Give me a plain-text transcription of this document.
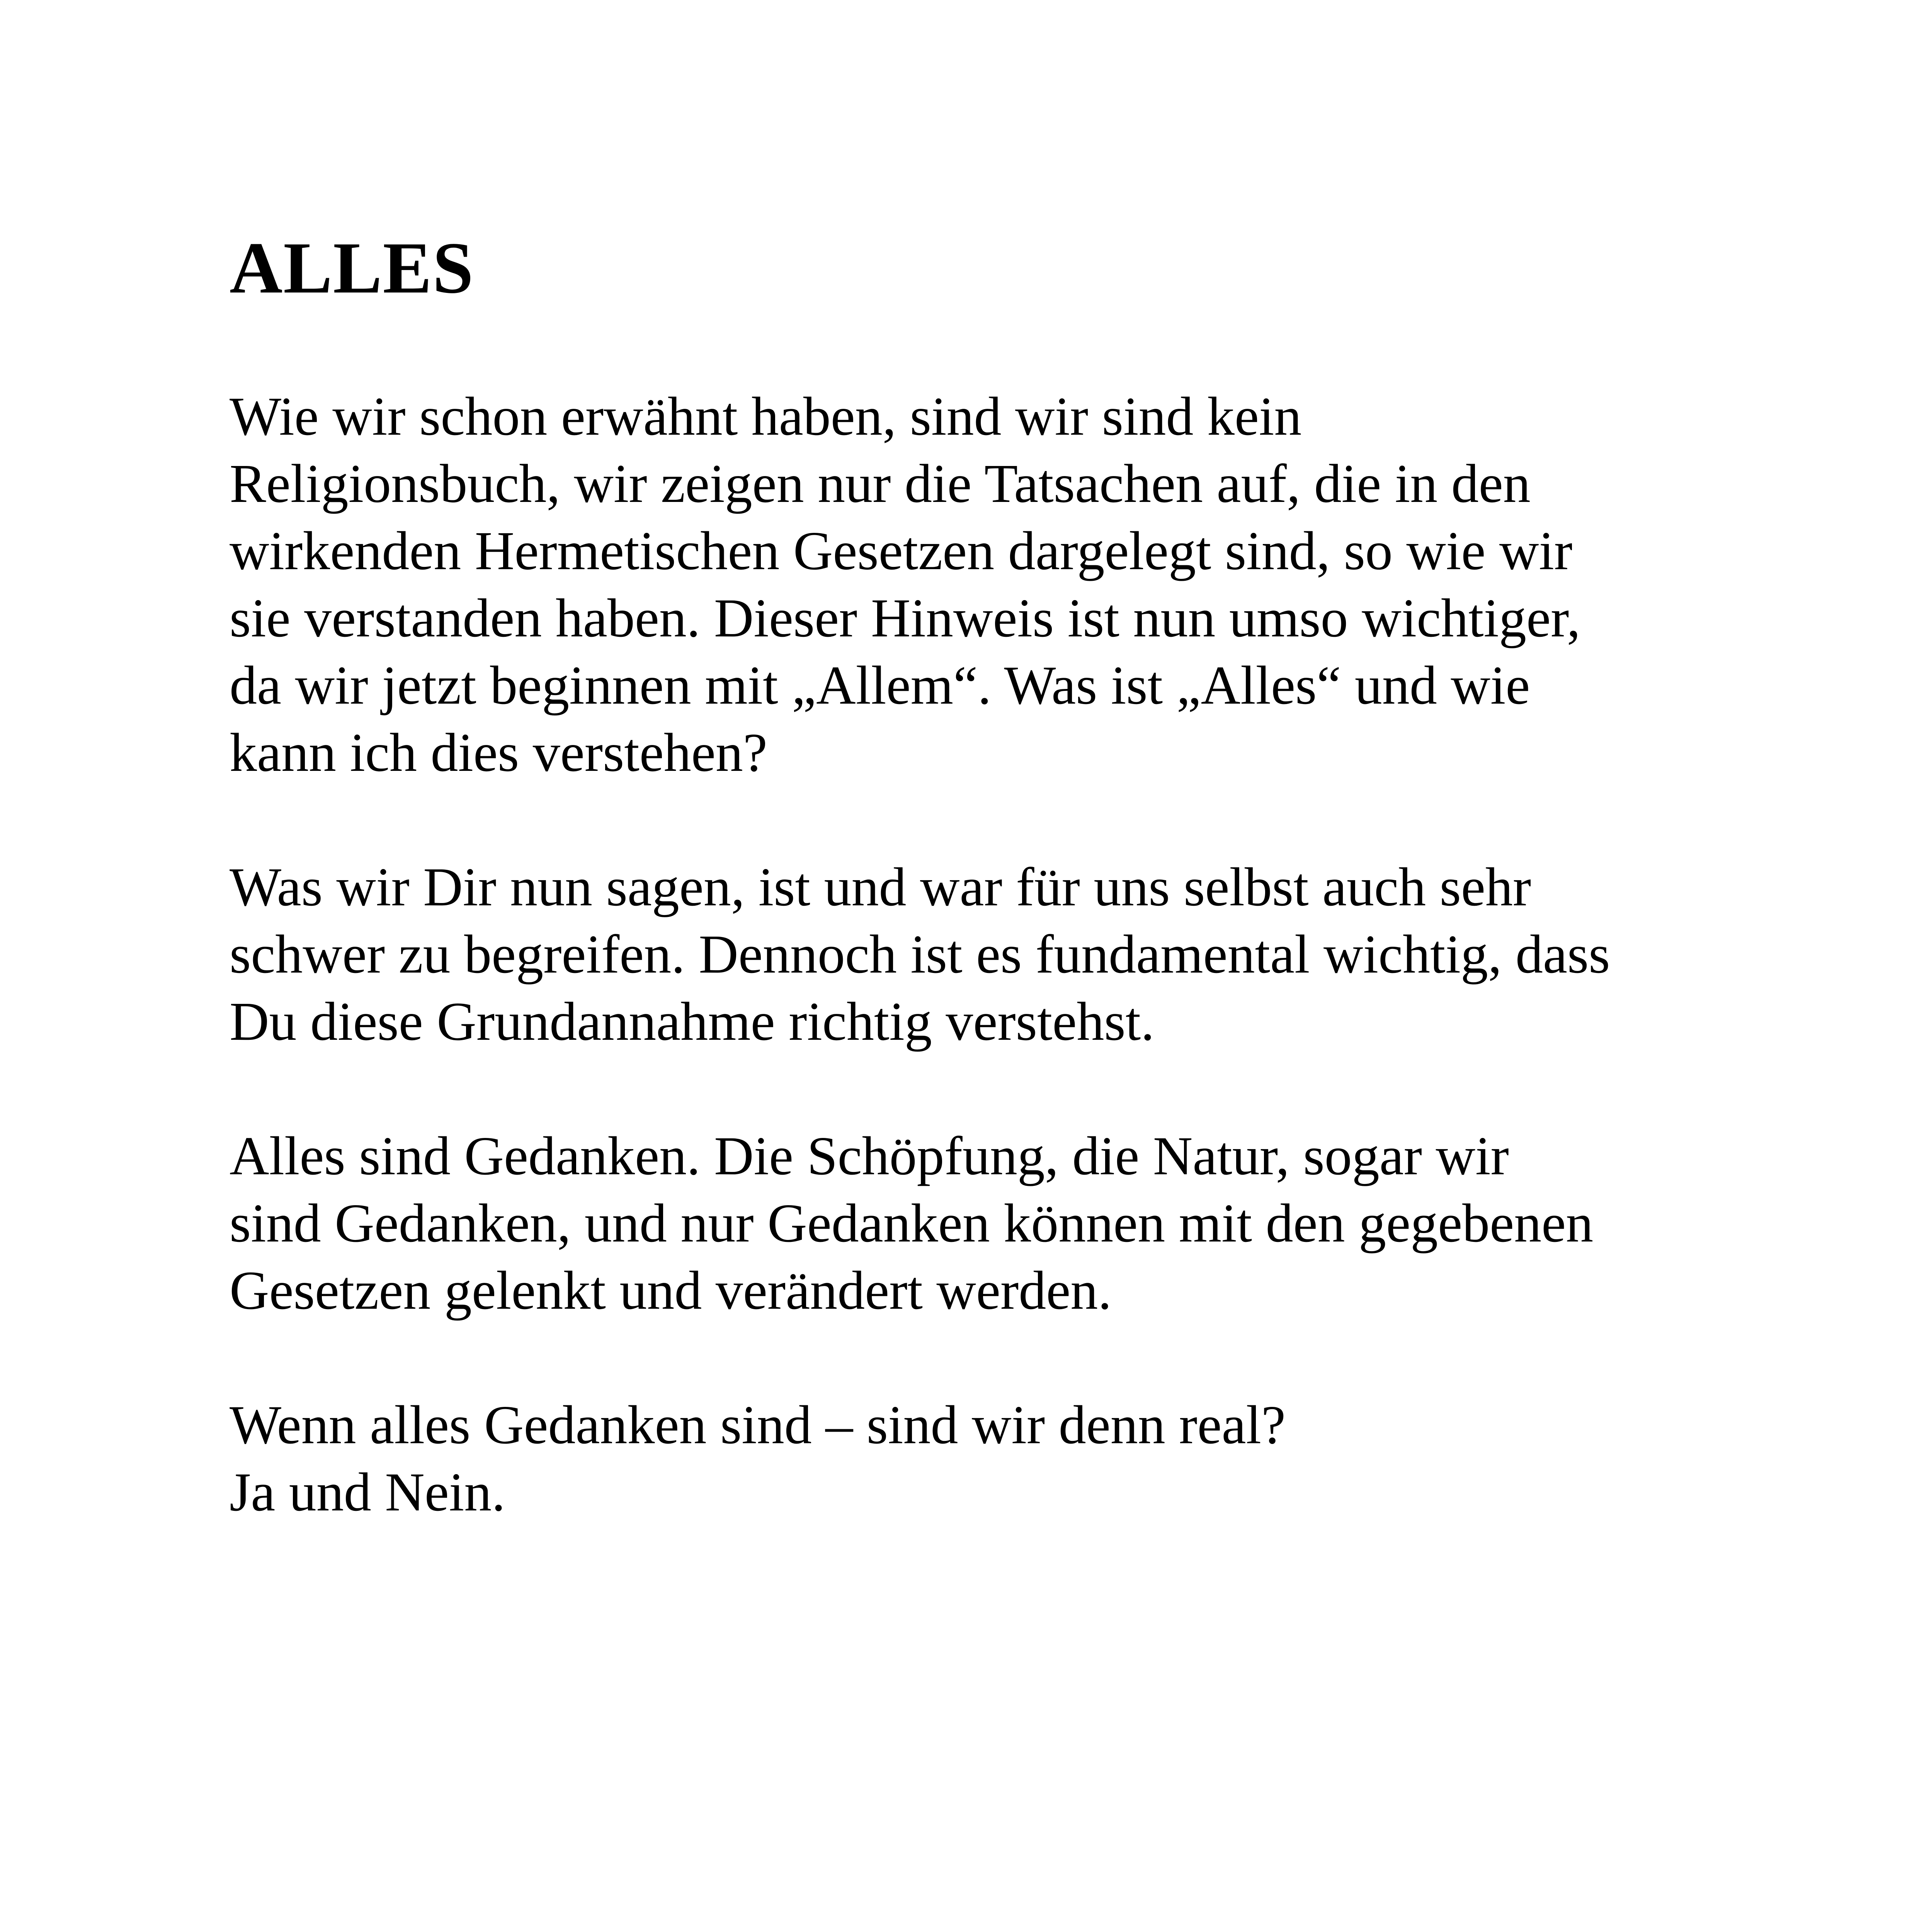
ALLES

Wie wir schon erwähnt haben, sind wir sind kein
Religionsbuch, wir zeigen nur die Tatsachen auf, die in den
wirkenden Hermetischen Gesetzen dargelegt sind, so wie wir
sie verstanden haben. Dieser Hinweis ist nun umso wichtiger,
da wir jetzt beginnen mit „Allem“. Was ist „Alles“ und wie
kann ich dies verstehen?

Was wir Dir nun sagen, ist und war für uns selbst auch sehr
schwer zu begreifen. Dennoch ist es fundamental wichtig, dass
Du diese Grundannahme richtig verstehst.

Alles sind Gedanken. Die Schöpfung, die Natur, sogar wir
sind Gedanken, und nur Gedanken können mit den gegebenen
Gesetzen gelenkt und verändert werden.

Wenn alles Gedanken sind – sind wir denn real?
Ja und Nein.
